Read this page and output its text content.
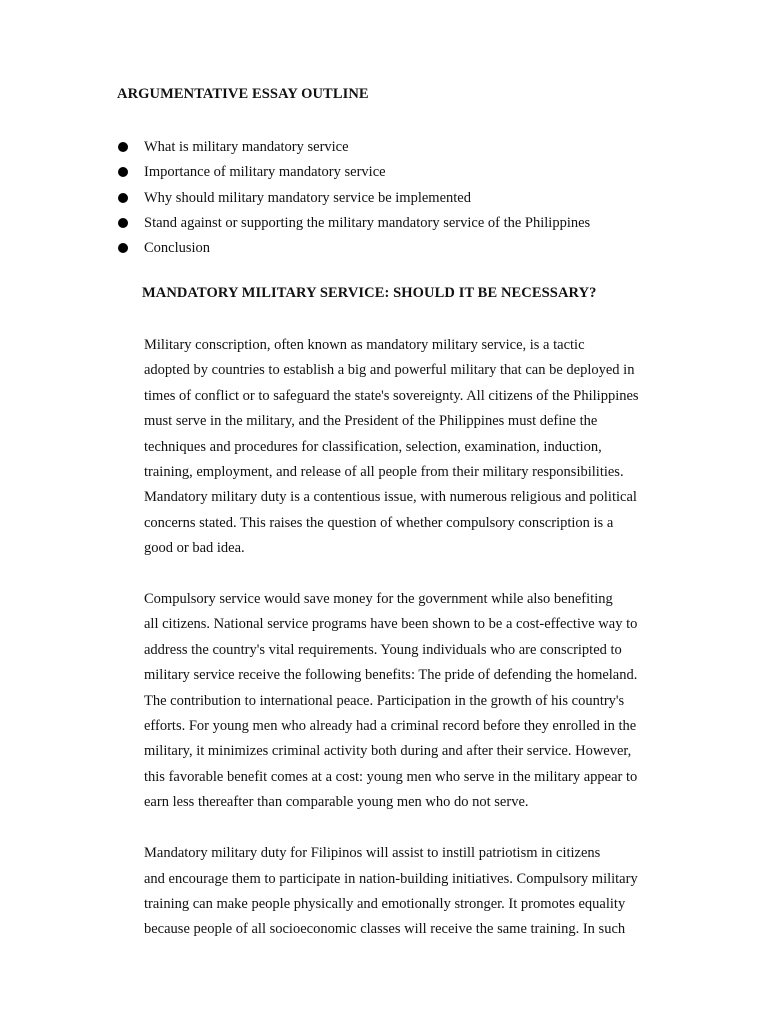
ARGUMENTATIVE ESSAY OUTLINE
What is military mandatory service
Importance of military mandatory service
Why should military mandatory service be implemented
Stand against or supporting the military mandatory service of the Philippines
Conclusion
MANDATORY MILITARY SERVICE: SHOULD IT BE NECESSARY?

Military conscription, often known as mandatory military service, is a tactic
adopted by countries to establish a big and powerful military that can be deployed in
times of conflict or to safeguard the state's sovereignty. All citizens of the Philippines
must serve in the military, and the President of the Philippines must define the
techniques and procedures for classification, selection, examination, induction,
training, employment, and release of all people from their military responsibilities.
Mandatory military duty is a contentious issue, with numerous religious and political
concerns stated. This raises the question of whether compulsory conscription is a
good or bad idea.

Compulsory service would save money for the government while also benefiting
all citizens. National service programs have been shown to be a cost-effective way to
address the country's vital requirements. Young individuals who are conscripted to
military service receive the following benefits: The pride of defending the homeland.
The contribution to international peace. Participation in the growth of his country's
efforts. For young men who already had a criminal record before they enrolled in the
military, it minimizes criminal activity both during and after their service. However,
this favorable benefit comes at a cost: young men who serve in the military appear to
earn less thereafter than comparable young men who do not serve.

Mandatory military duty for Filipinos will assist to instill patriotism in citizens
and encourage them to participate in nation-building initiatives. Compulsory military
training can make people physically and emotionally stronger. It promotes equality
because people of all socioeconomic classes will receive the same training. In such
